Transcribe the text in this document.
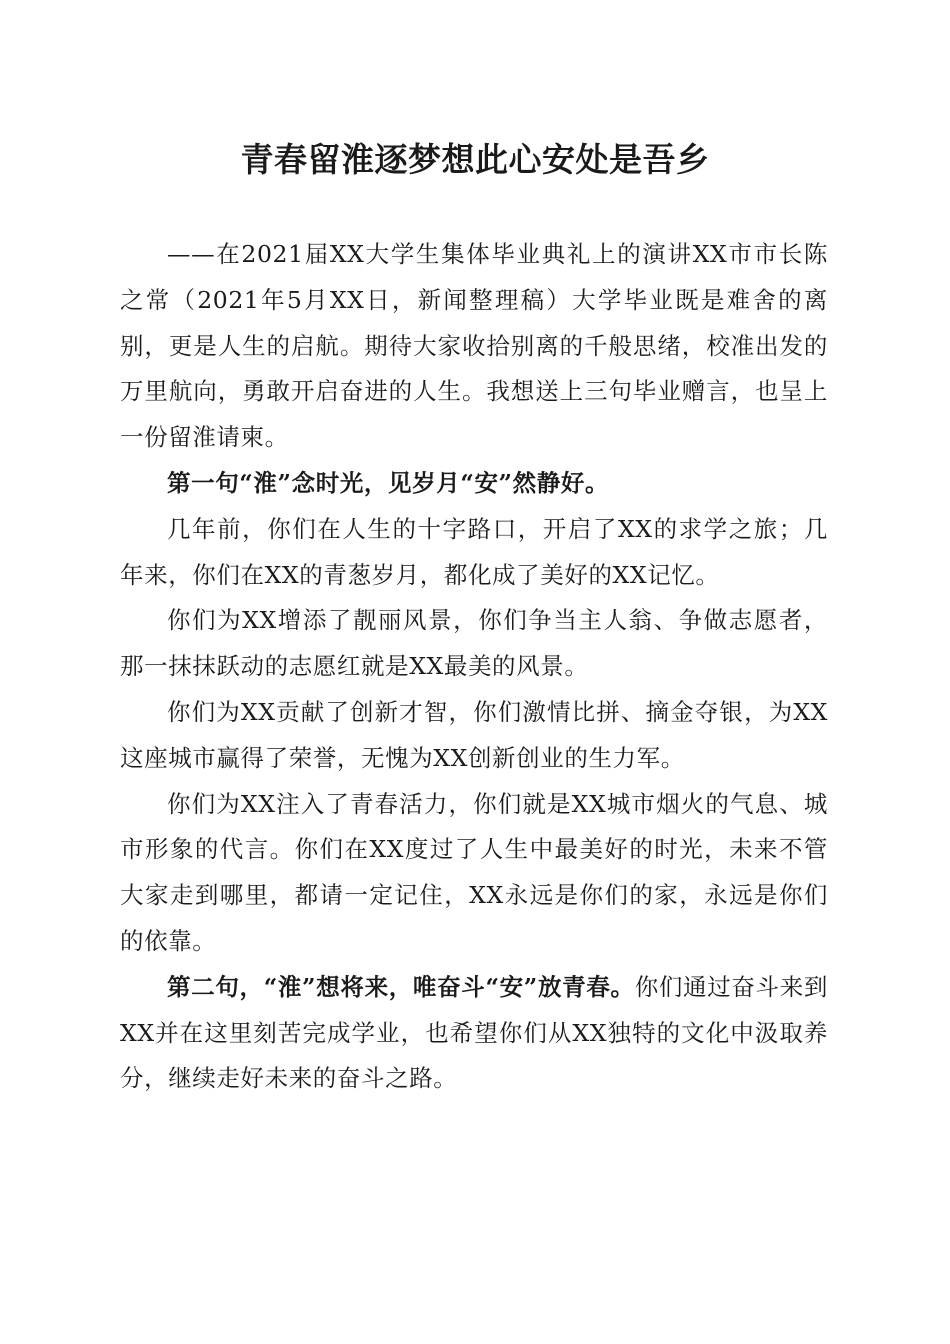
青春留淮逐梦想此心安处是吾乡

——在2021届XX大学生集体毕业典礼上的演讲XX市市长陈之常（2021年5月XX日，新闻整理稿）大学毕业既是难舍的离别，更是人生的启航。期待大家收拾别离的千般思绪，校准出发的万里航向，勇敢开启奋进的人生。我想送上三句毕业赠言，也呈上一份留淮请柬。

第一句“淮”念时光，见岁月“安”然静好。

几年前，你们在人生的十字路口，开启了XX的求学之旅；几年来，你们在XX的青葱岁月，都化成了美好的XX记忆。

你们为XX增添了靓丽风景，你们争当主人翁、争做志愿者，那一抹抹跃动的志愿红就是XX最美的风景。

你们为XX贡献了创新才智，你们激情比拼、摘金夺银，为XX这座城市赢得了荣誉，无愧为XX创新创业的生力军。

你们为XX注入了青春活力，你们就是XX城市烟火的气息、城市形象的代言。你们在XX度过了人生中最美好的时光，未来不管大家走到哪里，都请一定记住，XX永远是你们的家，永远是你们的依靠。

第二句，“淮”想将来，唯奋斗“安”放青春。你们通过奋斗来到XX并在这里刻苦完成学业，也希望你们从XX独特的文化中汲取养分，继续走好未来的奋斗之路。
